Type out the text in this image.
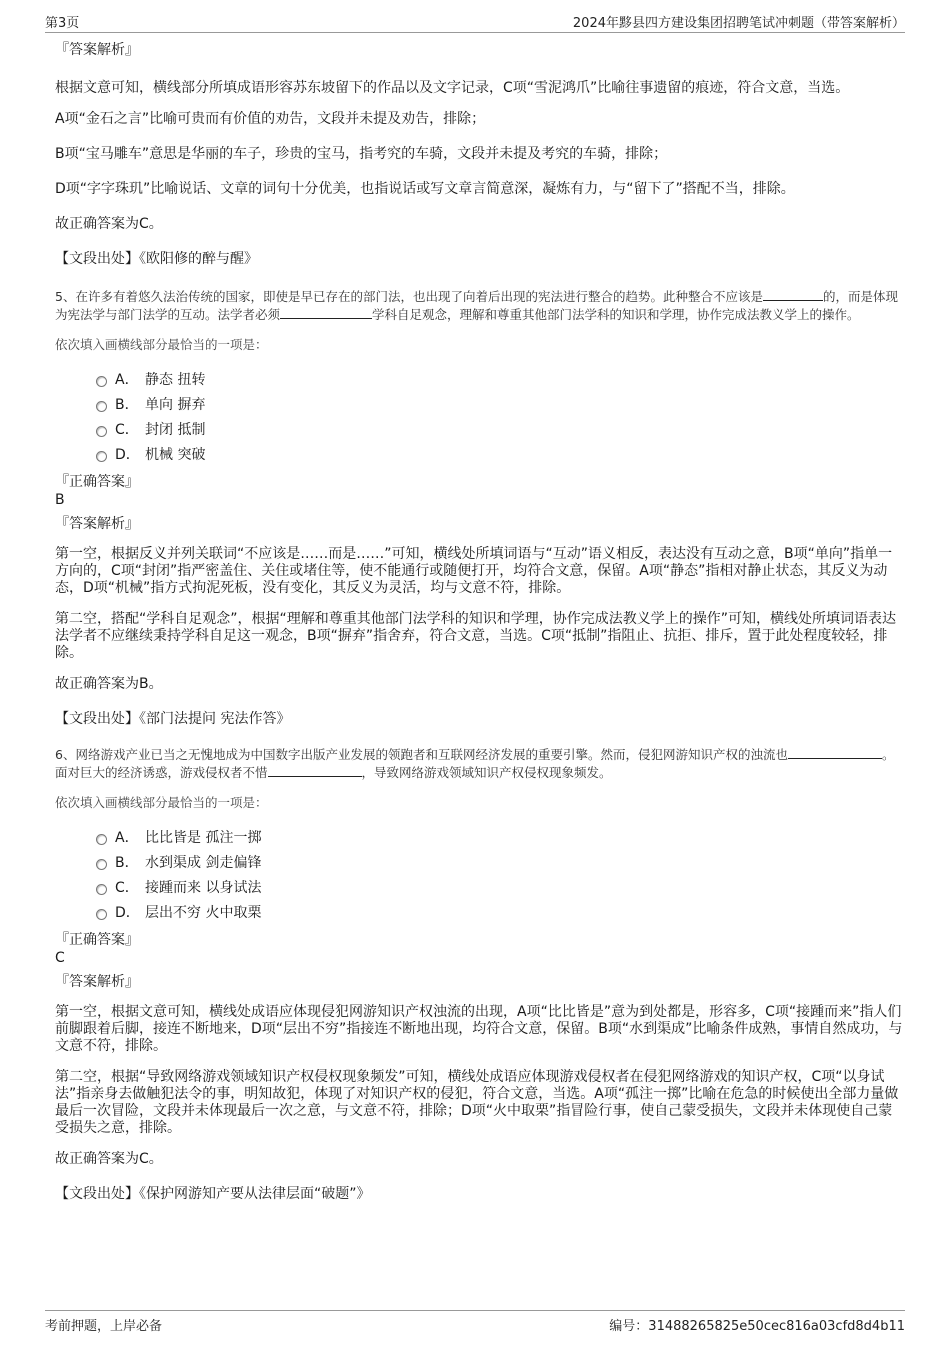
第3页	2024年黟县四方建设集团招聘笔试冲刺题（带答案解析）

『答案解析』

根据文意可知，横线部分所填成语形容苏东坡留下的作品以及文字记录，C项“雪泥鸿爪”比喻往事遗留的痕迹，符合文意，当选。

A项“金石之言”比喻可贵而有价值的劝告，文段并未提及劝告，排除；

B项“宝马雕车”意思是华丽的车子，珍贵的宝马，指考究的车骑，文段并未提及考究的车骑，排除；

D项“字字珠玑”比喻说话、文章的词句十分优美，也指说话或写文章言简意深，凝炼有力，与“留下了”搭配不当，排除。

故正确答案为C。

【文段出处】《欧阳修的醉与醒》

5、在许多有着悠久法治传统的国家，即使是早已存在的部门法，也出现了向着后出现的宪法进行整合的趋势。此种整合不应该是	的，而是体现为宪法学与部门法学的互动。法学者必须	学科自足观念，理解和尊重其他部门法学科的知识和学理，协作完成法教义学上的操作。

依次填入画横线部分最恰当的一项是：

A． 静态 扭转
B． 单向 摒弃
C． 封闭 抵制
D． 机械 突破

『正确答案』

B

『答案解析』

第一空，根据反义并列关联词“不应该是……而是……”可知，横线处所填词语与“互动”语义相反，表达没有互动之意，B项“单向”指单一方向的，C项“封闭”指严密盖住、关住或堵住等，使不能通行或随便打开，均符合文意，保留。A项“静态”指相对静止状态，其反义为动态，D项“机械”指方式拘泥死板，没有变化，其反义为灵活，均与文意不符，排除。

第二空，搭配“学科自足观念”，根据“理解和尊重其他部门法学科的知识和学理，协作完成法教义学上的操作”可知，横线处所填词语表达法学者不应继续秉持学科自足这一观念，B项“摒弃”指舍弃，符合文意，当选。C项“抵制”指阻止、抗拒、排斥，置于此处程度较轻，排除。

故正确答案为B。

【文段出处】《部门法提问 宪法作答》

6、网络游戏产业已当之无愧地成为中国数字出版产业发展的领跑者和互联网经济发展的重要引擎。然而，侵犯网游知识产权的浊流也	。面对巨大的经济诱惑，游戏侵权者不惜	，导致网络游戏领域知识产权侵权现象频发。

依次填入画横线部分最恰当的一项是：

A． 比比皆是 孤注一掷
B． 水到渠成 剑走偏锋
C． 接踵而来 以身试法
D． 层出不穷 火中取栗

『正确答案』

C

『答案解析』

第一空，根据文意可知，横线处成语应体现侵犯网游知识产权浊流的出现，A项“比比皆是”意为到处都是，形容多，C项“接踵而来”指人们前脚跟着后脚，接连不断地来，D项“层出不穷”指接连不断地出现，均符合文意，保留。B项“水到渠成”比喻条件成熟，事情自然成功，与文意不符，排除。

第二空，根据“导致网络游戏领域知识产权侵权现象频发”可知，横线处成语应体现游戏侵权者在侵犯网络游戏的知识产权，C项“以身试法”指亲身去做触犯法令的事，明知故犯，体现了对知识产权的侵犯，符合文意，当选。A项“孤注一掷”比喻在危急的时候使出全部力量做最后一次冒险，文段并未体现最后一次之意，与文意不符，排除；D项“火中取栗”指冒险行事，使自己蒙受损失，文段并未体现使自己蒙受损失之意，排除。

故正确答案为C。

【文段出处】《保护网游知产要从法律层面“破题”》

考前押题，上岸必备	编号：31488265825e50cec816a03cfd8d4b11
